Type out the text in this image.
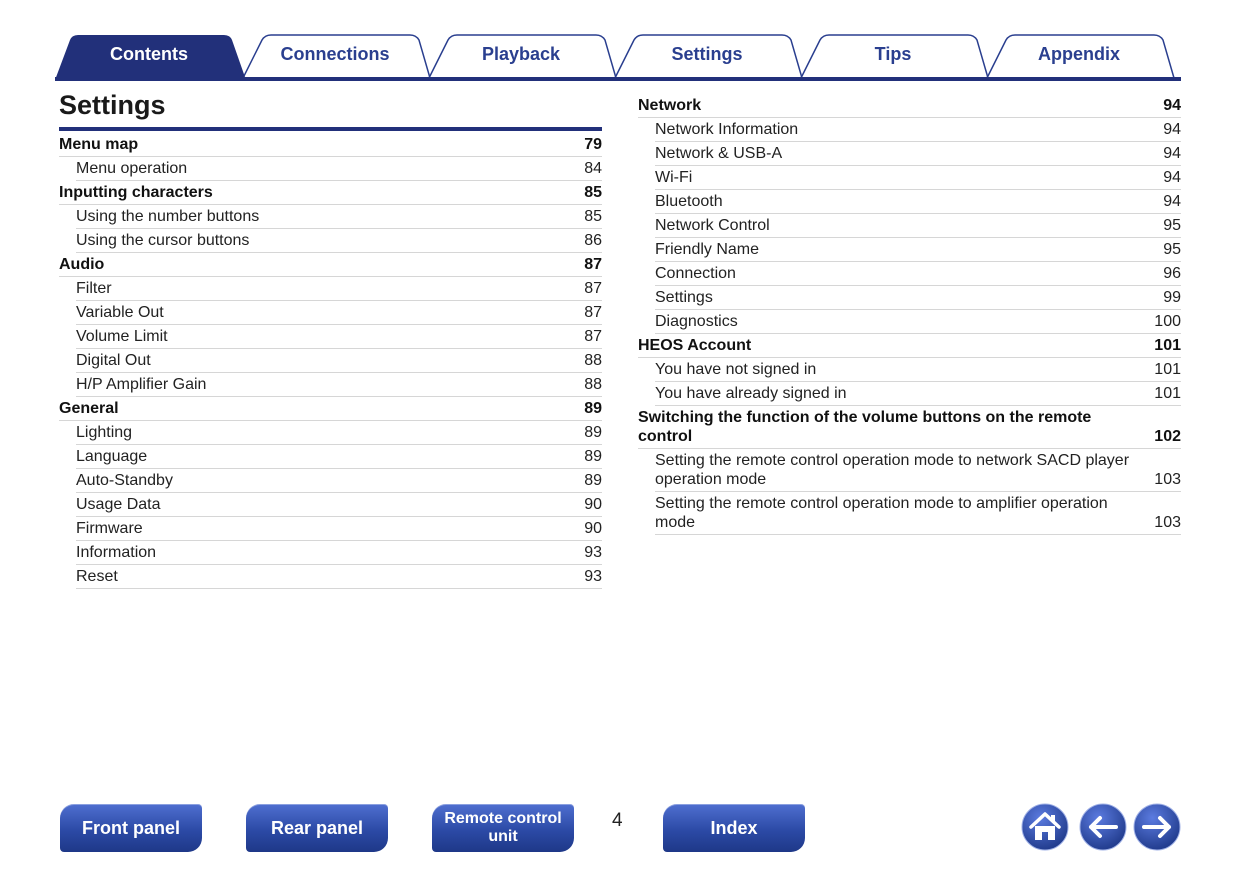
Contents	Connections	Playback	Settings	Tips	Appendix
Settings
Menu map	79
Menu operation	84
Inputting characters	85
Using the number buttons	85
Using the cursor buttons	86
Audio	87
Filter	87
Variable Out	87
Volume Limit	87
Digital Out	88
H/P Amplifier Gain	88
General	89
Lighting	89
Language	89
Auto-Standby	89
Usage Data	90
Firmware	90
Information	93
Reset	93
Network	94
Network Information	94
Network & USB-A	94
Wi-Fi	94
Bluetooth	94
Network Control	95
Friendly Name	95
Connection	96
Settings	99
Diagnostics	100
HEOS Account	101
You have not signed in	101
You have already signed in	101
Switching the function of the volume buttons on the remote control	102
Setting the remote control operation mode to network SACD player operation mode	103
Setting the remote control operation mode to amplifier operation mode	103
Front panel	Rear panel	Remote control
unit
4	Index
